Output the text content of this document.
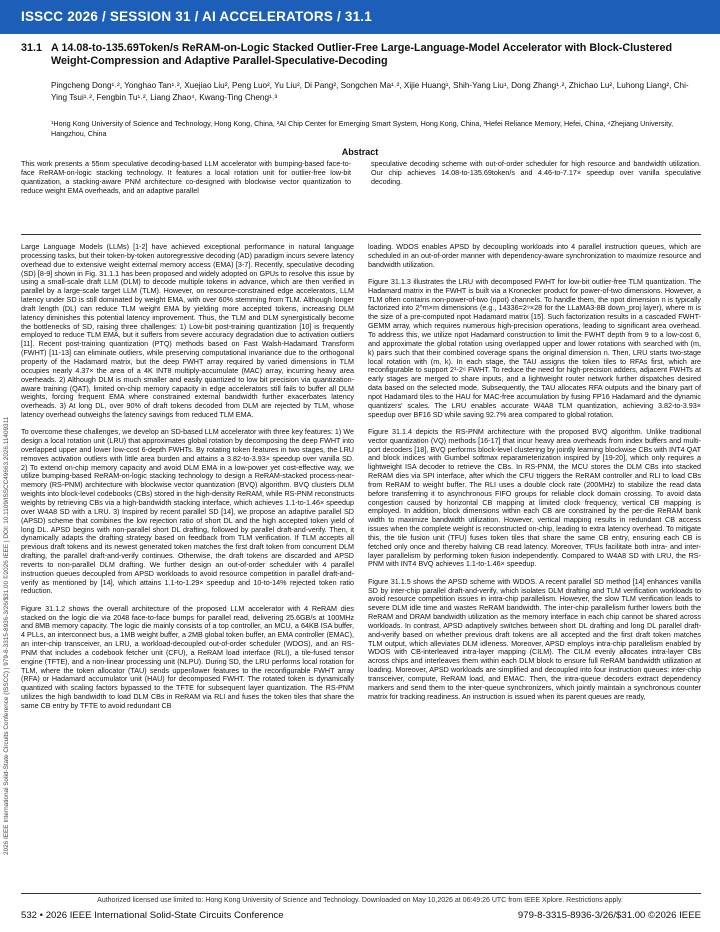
ISSCC 2026 / SESSION 31 / AI ACCELERATORS / 31.1
31.1 A 14.08-to-135.69Token/s ReRAM-on-Logic Stacked Outlier-Free Large-Language-Model Accelerator with Block-Clustered Weight-Compression and Adaptive Parallel-Speculative-Decoding
Pingcheng Dong¹˒², Yonghao Tan¹˒², Xuejiao Liu², Peng Luo², Yu Liu², Di Pang², Songchen Ma¹˒², Xijie Huang¹, Shih-Yang Liu¹, Dong Zhang¹˒², Zhichao Lu², Luhong Liang², Chi-Ying Tsui¹˒², Fengbin Tu¹˒², Liang Zhao⁴, Kwang-Ting Cheng¹˒³
¹Hong Kong University of Science and Technology, Hong Kong, China, ²AI Chip Center for Emerging Smart System, Hong Kong, China, ³Hefei Reliance Memory, Hefei, China, ⁴Zhejiang University, Hangzhou, China
Abstract
This work presents a 55nm speculative decoding-based LLM accelerator with bumping-based face-to-face ReRAM-on-logic stacking technology. It features a local rotation unit for outlier-free low-bit quantization, a stacking-aware PNM architecture co-designed with blockwise vector quantization to reduce weight EMA overheads, and an adaptive parallel
speculative decoding scheme with out-of-order scheduler for high resource and bandwidth utilization. Our chip achieves 14.08-to-135.69token/s and 4.46-to-7.17× speedup over vanilla speculative decoding.

Large Language Models (LLMs) [1-2] have achieved exceptional performance in natural language processing tasks, but their token-by-token autoregressive decoding (AD) paradigm incurs severe latency overhead due to extensive weight external memory access (EMA) [3-7]. Recently, speculative decoding (SD) [8-9] shown in Fig. 31.1.1 has been proposed and widely adopted on GPUs to resolve this issue by using a small-scale draft LLM (DLM) to decode multiple tokens in advance, which are then verified in parallel by a large-scale target LLM (TLM). However, on resource-constrained edge accelerators, LLM latency under SD is still dominated by weight EMA, with over 60% stemming from TLM. Although longer draft length (DL) can reduce TLM weight EMA by yielding more accepted tokens, increasing DLM latency diminishes this potential latency improvement. Thus, the TLM and DLM synergistically become the bottlenecks of SD, raising three challenges: 1) Low-bit post-training quantization [10] is frequently employed to reduce TLM EMA, but it suffers from severe accuracy degradation due to activation outliers [11]. Recent post-training quantization (PTQ) methods based on Fast Walsh-Hadamard Transform (FWHT) [11-13] can eliminate outliers, while preserving computational invariance due to the orthogonal property of the Hadamard matrix, but the deep FWHT array required by varied dimensions in TLM occupies nearly 4.37× the area of a 4K INT8 multiply-accumulate (MAC) array, incurring heavy area overheads. 2) Although DLM is much smaller and easily quantized to low bit precision via quantization-aware training (QAT), limited on-chip memory capacity in edge accelerators still fails to buffer all DLM weights, forcing frequent EMA where constrained external bandwidth further exacerbates latency overheads. 3) At long DL, over 90% of draft tokens decoded from DLM are rejected by TLM, whose latency overhead outweighs the latency savings from reduced TLM EMA.

To overcome these challenges, we develop an SD-based LLM accelerator with three key features: 1) We design a local rotation unit (LRU) that approximates global rotation by decomposing the deep FWHT into overlapped upper and lower low-cost 6-depth FWHTs. By rotating token features in two stages, the LRU removes activation outliers with little area burden and attains a 3.82-to-3.93× speedup over vanilla SD. 2) To extend on-chip memory capacity and avoid DLM EMA in a low-power yet cost-effective way, we utilize bumping-based ReRAM-on-logic stacking technology to design a ReRAM-stacked process-near-memory (RS-PNM) architecture with blockwise vector quantization (BVQ) algorithm. BVQ clusters DLM weights into block-level codebooks (CBs) stored in the high-density ReRAM, while RS-PNM reconstructs weights by retrieving CBs via a high-bandwidth stacking interface, which achieves 1.1-to-1.46× speedup over W4A8 SD with a LRU. 3) Inspired by recent parallel SD [14], we propose an adaptive parallel SD (APSD) scheme that combines the low rejection ratio of short DL and the high accepted token yield of long DL. APSD begins with non-parallel short DL drafting, followed by parallel draft-and-verify. Then, it dynamically adapts the drafting strategy based on feedback from TLM verification. If TLM accepts all previous draft tokens and its newest generated token matches the first draft token from concurrent DLM drafting, the parallel draft-and-verify continues. Otherwise, the draft tokens are discarded and APSD reverts to non-parallel DLM drafting. We further design an out-of-order scheduler with 4 parallel instruction queues decoupled from APSD workloads to avoid resource competition in parallel draft-and-verify as mentioned by [14], which attains 1.1-to-1.29× speedup and 10-to-14% rejected token ratio reduction.

Figure 31.1.2 shows the overall architecture of the proposed LLM accelerator with 4 ReRAM dies stacked on the logic die via 2048 face-to-face bumps for parallel read, delivering 25.6GB/s at 100MHz and 8MB memory capacity. The logic die mainly consists of a top controller, an MCU, a 64KB ISA buffer, 4 PLLs, an interconnect bus, a 1MB weight buffer, a 2MB global token buffer, an EMA controller (EMAC), an inter-chip transceiver, an LRU, a workload-decoupled out-of-order scheduler (WDOS), and an RS-PNM that includes a codebook fetcher unit (CFU), a ReRAM load interface (RLI), a tile-fused tensor engine (TFTE), and a non-linear processing unit (NLPU). During SD, the LRU performs local rotation for TLM, where the token allocator (TAU) sends upper/lower features to the reconfigurable FWHT array (RFA) or Hadamard accumulator unit (HAU) for decomposed FWHT. The rotated token is dynamically quantized with scaling factors bypassed to the TFTE for subsequent layer quantization. The RS-PNM utilizes the high bandwidth to load DLM CBs in ReRAM via RLI and fuses the token tiles that share the same CB entry by TFTE to avoid redundant CB

loading. WDOS enables APSD by decoupling workloads into 4 parallel instruction queues, which are scheduled in an out-of-order manner with dependency-aware synchronization to maximize resource and bandwidth utilization.

Figure 31.1.3 illustrates the LRU with decomposed FWHT for low-bit outlier-free TLM quantization. The Hadamard matrix in the FWHT is built via a Kronecker product for power-of-two dimensions. However, a TLM often contains non-power-of-two (npot) channels. To handle them, the npot dimension n is typically factorized into 2^m×m dimensions (e.g., 14336=2⁹×28 for the LLaMA3-8B down_proj layer), where m is the size of a pre-computed npot Hadamard matrix [15]. Such factorization results in a cascaded FWHT-GEMM array, which requires numerous high-precision operations, leading to significant area overhead. To address this, we utilize npot Hadamard construction to limit the FWHT depth from 9 to a low-cost 6, and approximate the global rotation using overlapped upper and lower rotations with searched with (m, k) pairs such that their combined coverage spans the original dimension n. Then, LRU starts two-stage local rotation with (m, k). In each stage, the TAU assigns the token tiles to RFAs first, which are reconfigurable to support 2¹-2⁶ FWHT. To reduce the need for high-precision adders, adjacent FWHTs at early stages are merged to share inputs, and a lightweight router network further dispatches desired data based on the selected mode. Subsequently, the TAU allocates RFA outputs and the binary part of npot Hadamard tiles to the HAU for MAC-free accumulation by fusing FP16 Hadamard and the dynamic quantizers' scales. The LRU enables accurate W4A8 TLM quantization, achieving 3.82-to-3.93× speedup over BF16 SD while saving 92.7% area compared to global rotation.

Figure 31.1.4 depicts the RS-PNM architecture with the proposed BVQ algorithm. Unlike traditional vector quantization (VQ) methods [16-17] that incur heavy area overheads from index buffers and multi-port decoders [18], BVQ performs block-level clustering by jointly learning blockwise CBs with INT4 QAT and block indices with Gumbel softmax reparameterization inspired by [19-20], which only requires a lightweight ISA decoder to retrieve the CBs. In RS-PNM, the MCU stores the DLM CBs into stacked ReRAM dies via SPI interface, after which the CFU triggers the ReRAM controller and RLI to load CBs from ReRAM to weight buffer. The RLI uses a double clock rate (200MHz) to stabilize the read data before transferring it to asynchronous FIFO groups for reliable clock domain crossing. To avoid data congestion caused by horizontal CB mapping at limited clock frequency, vertical CB mapping is employed. In addition, block dimensions within each CB are constrained by the per-die ReRAM bank width to maximize bandwidth utilization. However, vertical mapping results in redundant CB access issues when the complete weight is reconstructed on-chip, leading to extra latency overhead. To mitigate this, the tile fusion unit (TFU) fuses token tiles that share the same CB entry, ensuring each CB is fetched only once and thereby halving CB read latency. Moreover, TFUs facilitate both intra- and inter-layer parallelism by performing token fusion independently. Compared to W4A8 SD with LRU, the RS-PNM with INT4 BVQ achieves 1.1-to-1.46× speedup.

Figure 31.1.5 shows the APSD scheme with WDOS. A recent parallel SD method [14] enhances vanilla SD by inter-chip parallel draft-and-verify, which isolates DLM drafting and TLM verification workloads to avoid resource competition issues in intra-chip parallelism. However, the slow TLM verification leads to severe DLM idle time and wastes ReRAM bandwidth. The inter-chip parallelism further lowers both the ReRAM and DRAM bandwidth utilization as the memory interface in each chip cannot be shared across workloads. In contrast, APSD adaptively switches between short DL drafting and long DL parallel draft-and-verify based on whether previous draft tokens are all accepted and the first draft token matches TLM output, which alleviates DLM idleness. Moreover, APSD employs intra-chip parallelism enabled by WDOS with CB-interleaved intra-layer mapping (CILM). The CILM evenly allocates intra-layer CBs across chips and interleaves them within each DLM block to ensure full ReRAM bandwidth utilization at loading. Moreover, APSD workloads are simplified and decoupled into four instruction queues: inter-chip transceiver, compute, ReRAM load, and EMAC. Then, the intra-queue decoders extract dependency markers and send them to the inter-queue synchronizers, which jointly maintain a synchronous counter matrix for tracking readiness. An instruction is issued when its parent queues are ready,

2026 IEEE International Solid-State Circuits Conference (ISSCC) | 979-8-3315-8936-3/26/$31.00 ©2026 IEEE | DOI: 10.1109/ISSCC49663.2026.11409311
Authorized licensed use limited to: Hong Kong University of Science and Technology. Downloaded on May 10,2026 at 06:49:26 UTC from IEEE Xplore. Restrictions apply.
532 • 2026 IEEE International Solid-State Circuits Conference	979-8-3315-8936-3/26/$31.00 ©2026 IEEE
